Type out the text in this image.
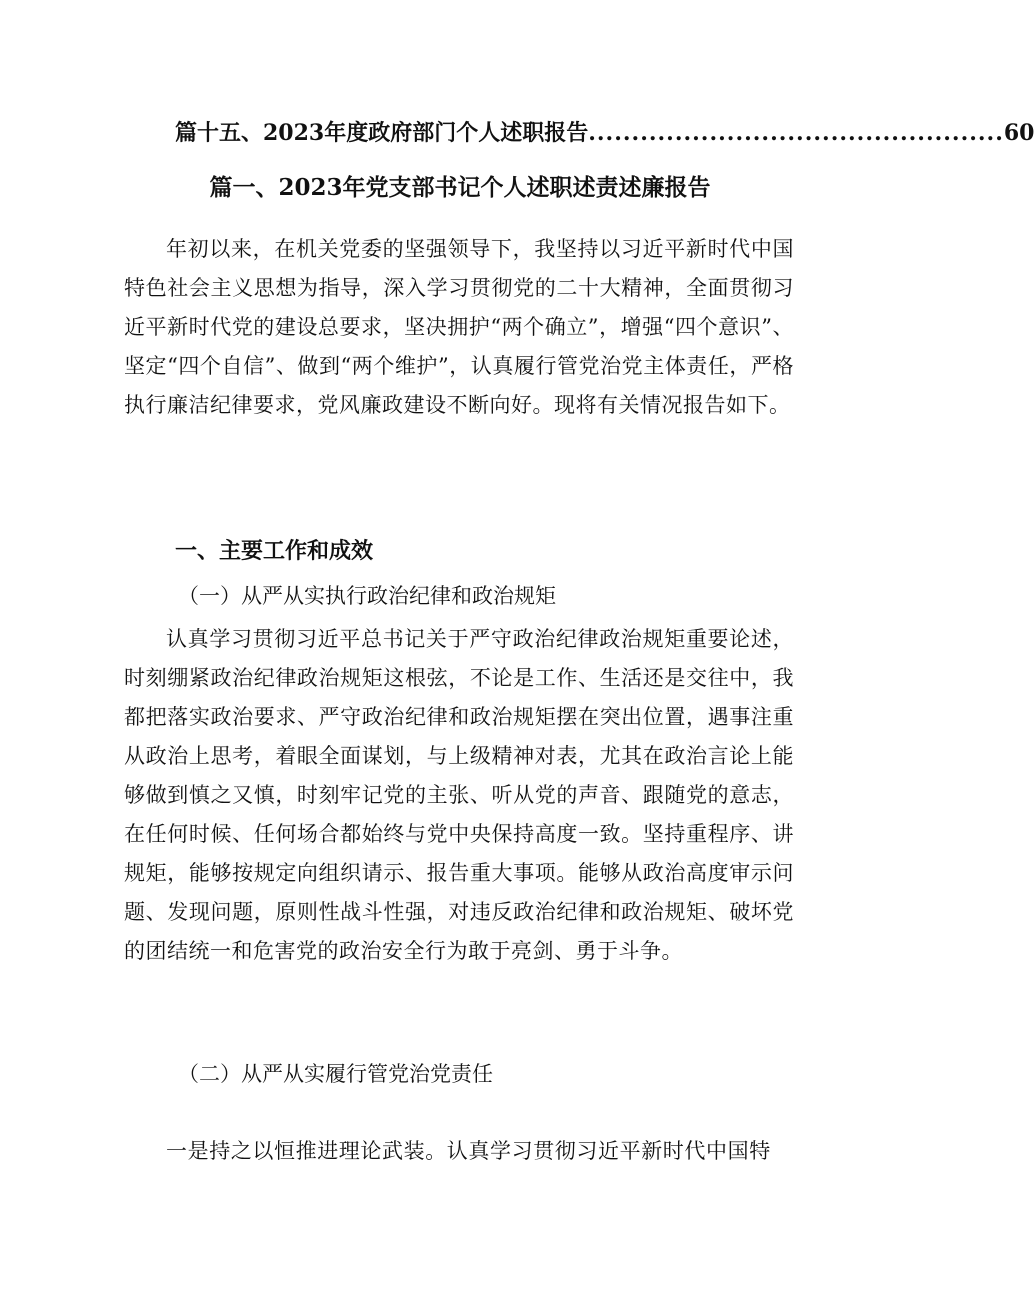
篇十五、2023年度政府部门个人述职报告 ................................................ 60
篇一、2023年党支部书记个人述职述责述廉报告

年初以来，在机关党委的坚强领导下，我坚持以习近平新时代中国特色社会主义思想为指导，深入学习贯彻党的二十大精神，全面贯彻习近平新时代党的建设总要求，坚决拥护“两个确立”，增强“四个意识”、坚定“四个自信”、做到“两个维护”，认真履行管党治党主体责任，严格执行廉洁纪律要求，党风廉政建设不断向好。现将有关情况报告如下。

一、主要工作和成效
（一）从严从实执行政治纪律和政治规矩

认真学习贯彻习近平总书记关于严守政治纪律政治规矩重要论述，时刻绷紧政治纪律政治规矩这根弦，不论是工作、生活还是交往中，我都把落实政治要求、严守政治纪律和政治规矩摆在突出位置，遇事注重从政治上思考，着眼全面谋划，与上级精神对表，尤其在政治言论上能够做到慎之又慎，时刻牢记党的主张、听从党的声音、跟随党的意志，在任何时候、任何场合都始终与党中央保持高度一致。坚持重程序、讲规矩，能够按规定向组织请示、报告重大事项。能够从政治高度审示问题、发现问题，原则性战斗性强，对违反政治纪律和政治规矩、破坏党的团结统一和危害党的政治安全行为敢于亮剑、勇于斗争。

（二）从严从实履行管党治党责任
一是持之以恒推进理论武装。认真学习贯彻习近平新时代中国特
